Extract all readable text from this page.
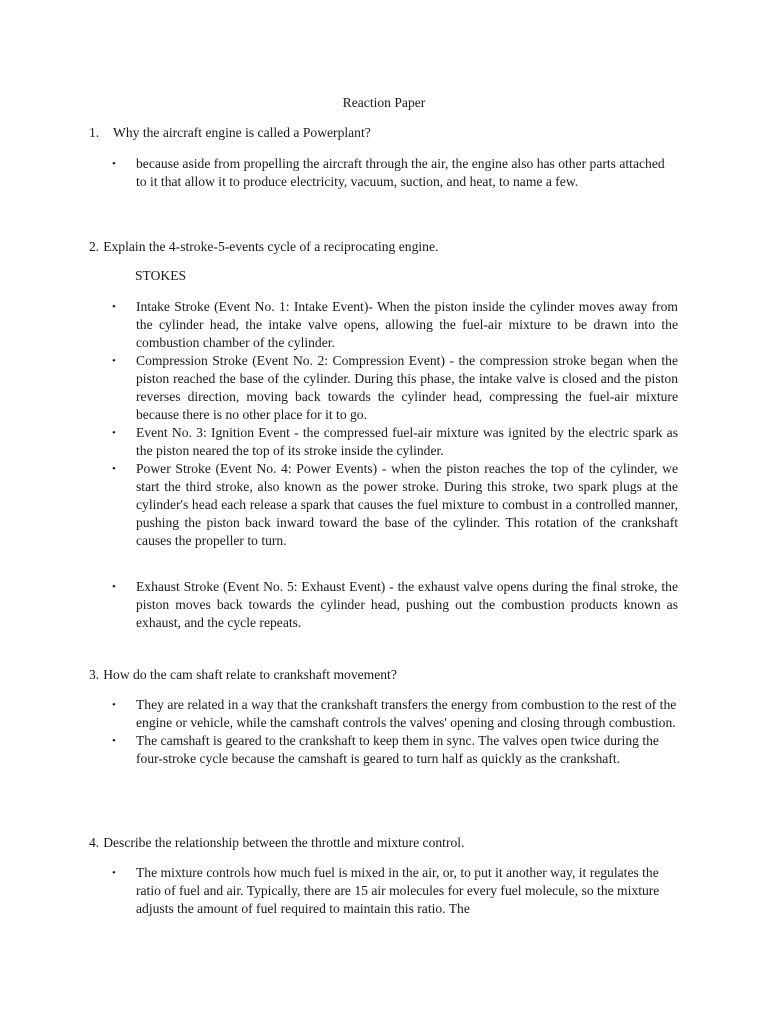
Reaction Paper
1. Why the aircraft engine is called a Powerplant?
•	because aside from propelling the aircraft through the air, the engine also has other parts attached to it that allow it to produce electricity, vacuum, suction, and heat, to name a few.
2. Explain the 4-stroke-5-events cycle of a reciprocating engine.
STOKES
•	Intake Stroke (Event No. 1: Intake Event)- When the piston inside the cylinder moves away from the cylinder head, the intake valve opens, allowing the fuel-air mixture to be drawn into the combustion chamber of the cylinder.
•	Compression Stroke (Event No. 2: Compression Event) - the compression stroke began when the piston reached the base of the cylinder. During this phase, the intake valve is closed and the piston reverses direction, moving back towards the cylinder head, compressing the fuel-air mixture because there is no other place for it to go.
•	Event No. 3: Ignition Event - the compressed fuel-air mixture was ignited by the electric spark as the piston neared the top of its stroke inside the cylinder.
•	Power Stroke (Event No. 4: Power Events) - when the piston reaches the top of the cylinder, we start the third stroke, also known as the power stroke. During this stroke, two spark plugs at the cylinder's head each release a spark that causes the fuel mixture to combust in a controlled manner, pushing the piston back inward toward the base of the cylinder. This rotation of the crankshaft causes the propeller to turn.
•	Exhaust Stroke (Event No. 5: Exhaust Event) - the exhaust valve opens during the final stroke, the piston moves back towards the cylinder head, pushing out the combustion products known as exhaust, and the cycle repeats.
3. How do the cam shaft relate to crankshaft movement?
•	They are related in a way that the crankshaft transfers the energy from combustion to the rest of the engine or vehicle, while the camshaft controls the valves' opening and closing through combustion.
•	The camshaft is geared to the crankshaft to keep them in sync. The valves open twice during the four-stroke cycle because the camshaft is geared to turn half as quickly as the crankshaft.
4. Describe the relationship between the throttle and mixture control.
•	The mixture controls how much fuel is mixed in the air, or, to put it another way, it regulates the ratio of fuel and air. Typically, there are 15 air molecules for every fuel molecule, so the mixture adjusts the amount of fuel required to maintain this ratio. The
